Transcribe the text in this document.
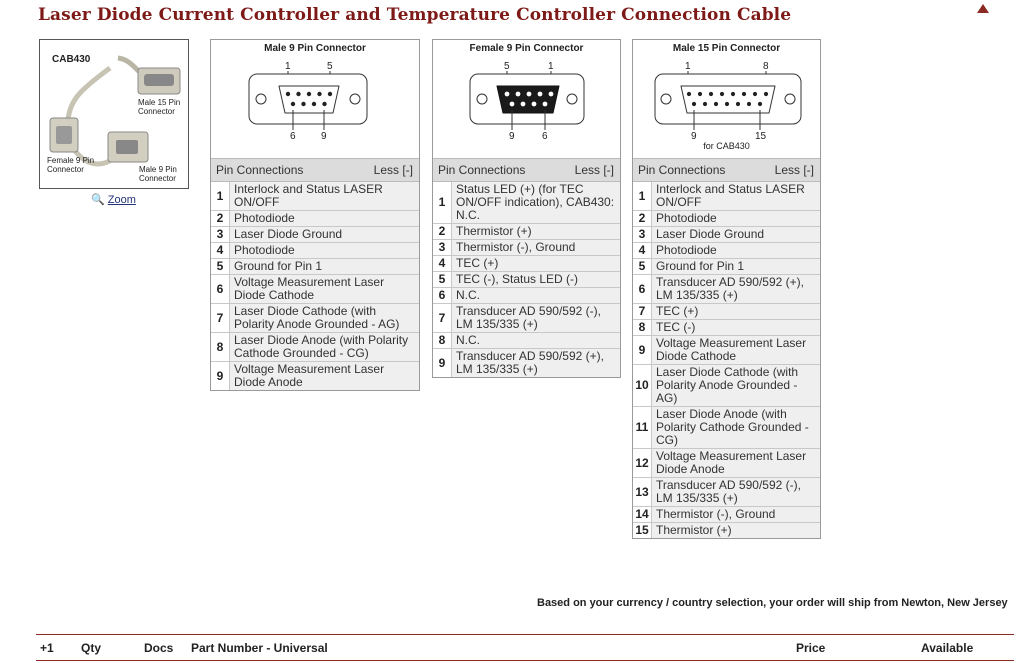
Laser Diode Current Controller and Temperature Controller Connection Cable
CAB430
Male 15 Pin Connector
Female 9 Pin Connector	Male 9 Pin Connector
🔍 Zoom
Male 9 Pin Connector
1	5
6	9
Pin Connections	Less [-]
1	Interlock and Status LASER ON/OFF
2	Photodiode
3	Laser Diode Ground
4	Photodiode
5	Ground for Pin 1
6	Voltage Measurement Laser Diode Cathode
7	Laser Diode Cathode (with Polarity Anode Grounded - AG)
8	Laser Diode Anode (with Polarity Cathode Grounded - CG)
9	Voltage Measurement Laser Diode Anode
Female 9 Pin Connector
5	1
9	6
Pin Connections	Less [-]
1	Status LED (+) (for TEC ON/OFF indication), CAB430: N.C.
2	Thermistor (+)
3	Thermistor (-), Ground
4	TEC (+)
5	TEC (-), Status LED (-)
6	N.C.
7	Transducer AD 590/592 (-), LM 135/335 (+)
8	N.C.
9	Transducer AD 590/592 (+), LM 135/335 (+)
Male 15 Pin Connector
1	8
9	15
for CAB430
Pin Connections	Less [-]
1	Interlock and Status LASER ON/OFF
2	Photodiode
3	Laser Diode Ground
4	Photodiode
5	Ground for Pin 1
6	Transducer AD 590/592 (+), LM 135/335 (+)
7	TEC (+)
8	TEC (-)
9	Voltage Measurement Laser Diode Cathode
10	Laser Diode Cathode (with Polarity Anode Grounded - AG)
11	Laser Diode Anode (with Polarity Cathode Grounded - CG)
12	Voltage Measurement Laser Diode Anode
13	Transducer AD 590/592 (-), LM 135/335 (+)
14	Thermistor (-), Ground
15	Thermistor (+)
Based on your currency / country selection, your order will ship from Newton, New Jersey
+1 Qty	Docs Part Number - Universal	Price	Available
